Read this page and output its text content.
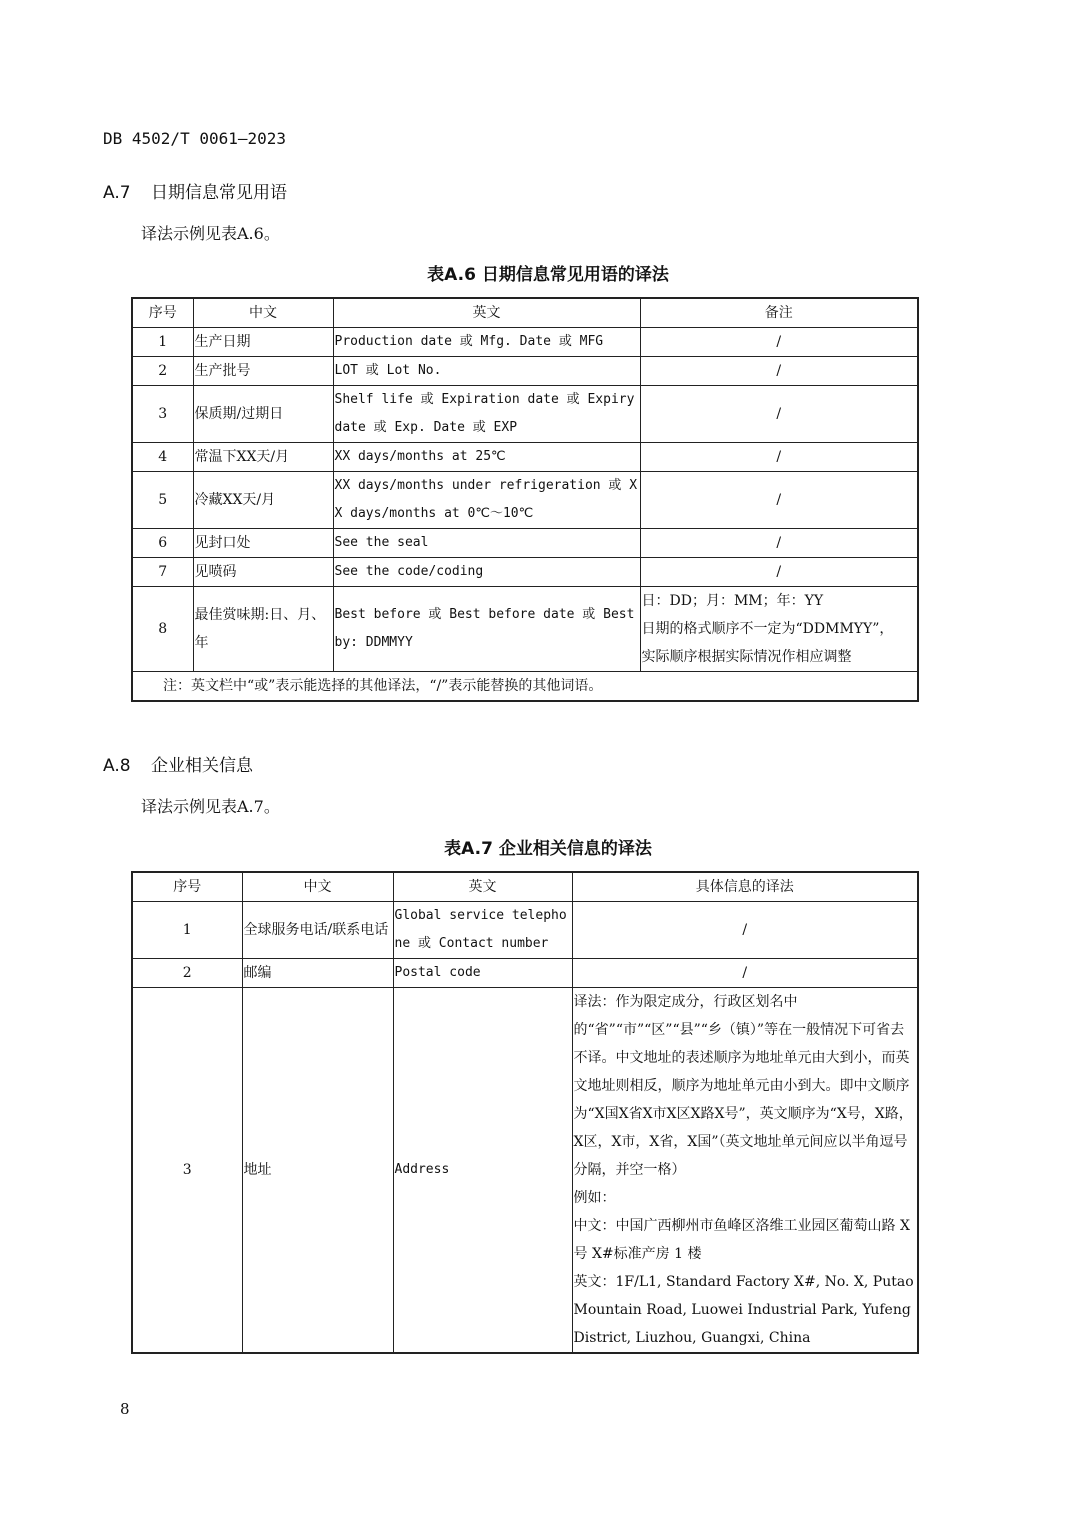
DB 4502/T 0061—2023
A.7 日期信息常见用语
译法示例见表A.6。
表A.6 日期信息常见用语的译法
序号	中文	英文	备注
1	生产日期	Production date 或 Mfg. Date 或 MFG	/
2	生产批号	LOT 或 Lot No.	/
3	保质期/过期日	Shelf life 或 Expiration date 或 Expiry date 或 Exp. Date 或 EXP	/
4	常温下XX天/月	XX days/months at 25℃	/
5	冷藏XX天/月	XX days/months under refrigeration 或 XX days/months at 0℃～10℃	/
6	见封口处	See the seal	/
7	见喷码	See the code/coding	/
8	最佳赏味期:日、月、年	Best before 或 Best before date 或 Best by: DDMMYY	日：DD；月：MM；年：YY
日期的格式顺序不一定为“DDMMYY”，
实际顺序根据实际情况作相应调整

注：英文栏中“或”表示能选择的其他译法，“/”表示能替换的其他词语。			
A.8 企业相关信息
译法示例见表A.7。
表A.7 企业相关信息的译法
序号	中文	英文	具体信息的译法
1	全球服务电话/联系电话	Global service telephone 或 Contact number	/
2	邮编	Postal code	/
3	地址	Address	译法：作为限定成分，行政区划名中的“省”“市”“区”“县”“乡（镇）”等在一般情况下可省去不译。中文地址的表述顺序为地址单元由大到小，而英文地址则相反，顺序为地址单元由小到大。即中文顺序为“X国X省X市X区X路X号”，英文顺序为“X号，X路，X区，X市，X省，X国”（英文地址单元间应以半角逗号分隔，并空一格）
例如：
中文：中国广西柳州市鱼峰区洛维工业园区葡萄山路 X 号 X#标准产房 1 楼
英文：1F/L1, Standard Factory X#, No. X, Putao Mountain Road, Luowei Industrial Park, Yufeng District, Liuzhou, Guangxi, China
8
